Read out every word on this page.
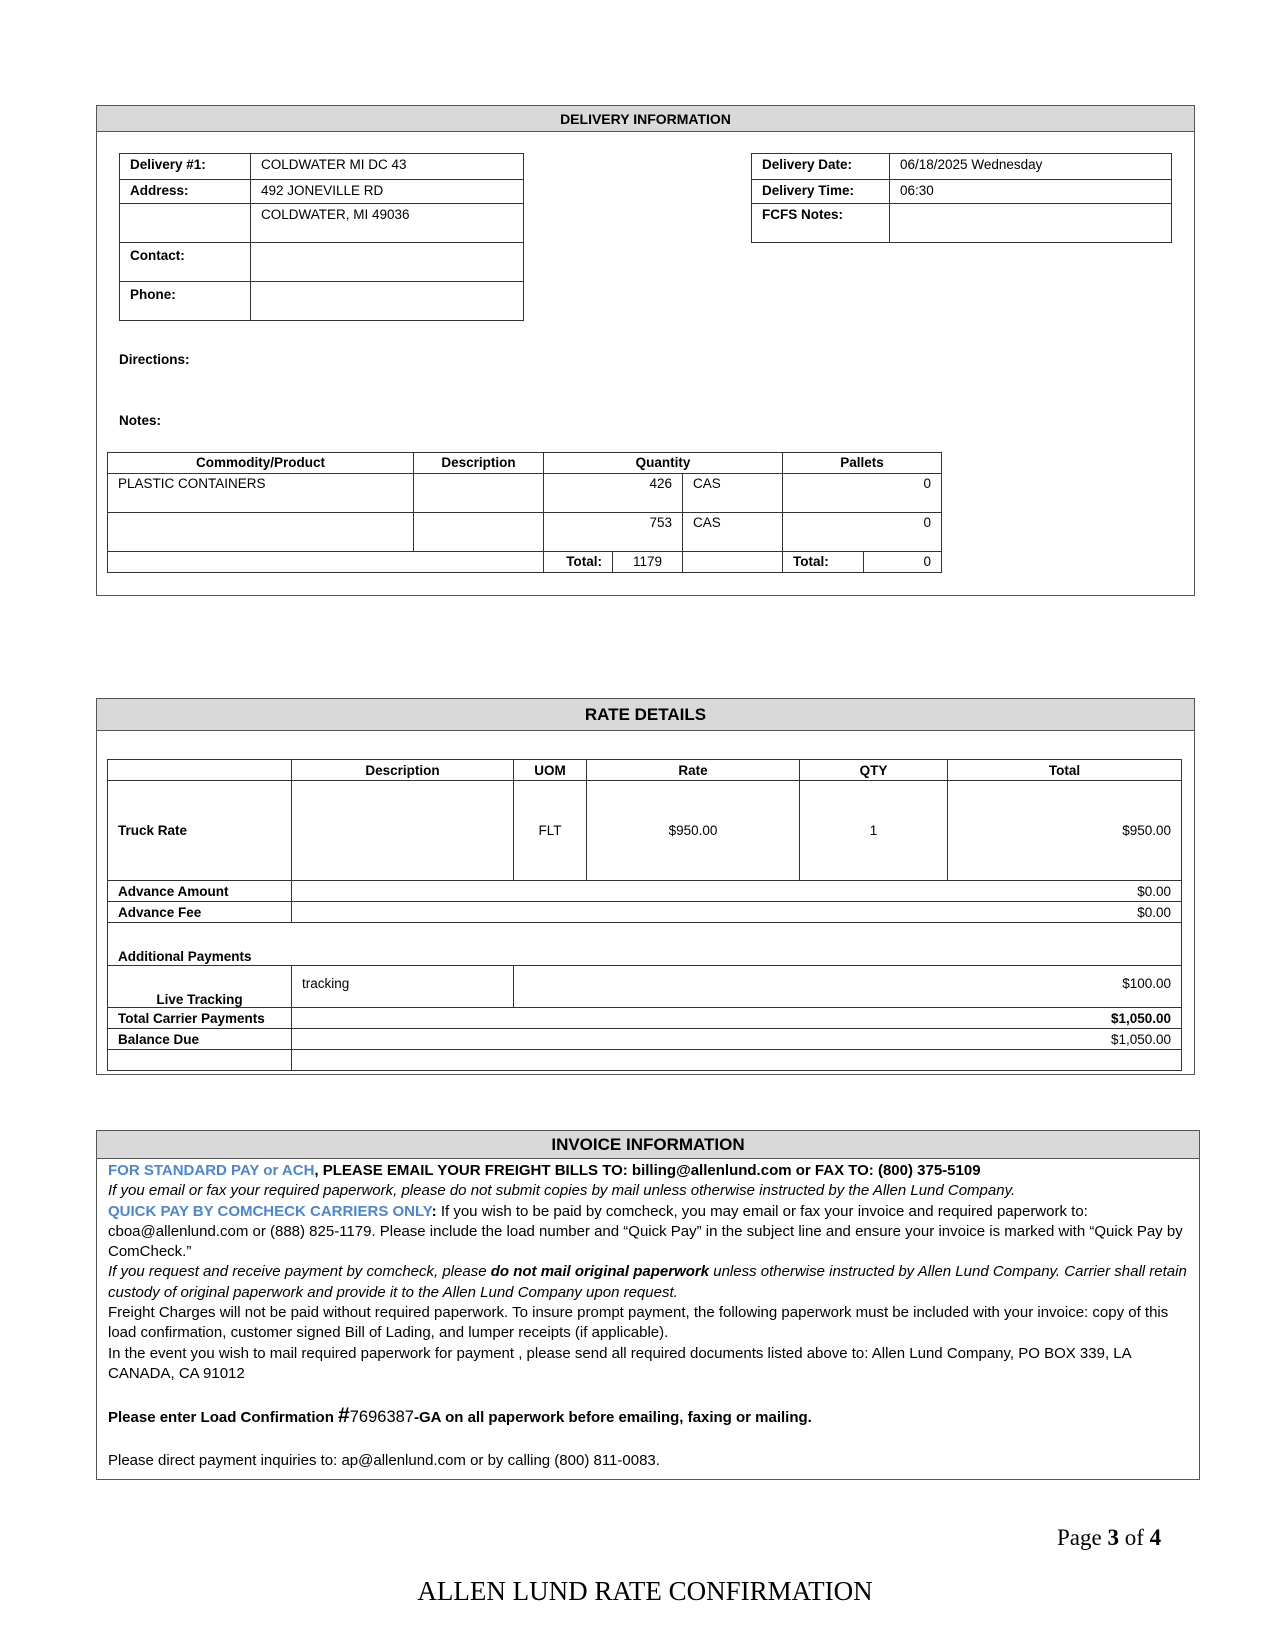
DELIVERY INFORMATION
Delivery #1:	COLDWATER MI DC 43
Address:	492 JONEVILLE RD
	COLDWATER, MI 49036
Contact:	
Phone:	
Delivery Date:	06/18/2025 Wednesday
Delivery Time:	06:30
FCFS Notes:	
Directions:
Notes:
Commodity/Product	Description	Quantity			Pallets	
PLASTIC CONTAINERS		426		CAS	0	
		753		CAS	0	
		Total:	1179		Total:	0
RATE DETAILS
	Description	UOM	Rate	QTY	Total
Truck Rate		FLT	$950.00	1	$950.00
Advance Amount	$0.00				
Advance Fee	$0.00				
Additional Payments					
Live Tracking	tracking	$100.00			
Total Carrier Payments	$1,050.00				
Balance Due	$1,050.00				

INVOICE INFORMATION

FOR STANDARD PAY or ACH, PLEASE EMAIL YOUR FREIGHT BILLS TO: billing@allenlund.com or FAX TO: (800) 375-5109

If you email or fax your required paperwork, please do not submit copies by mail unless otherwise instructed by the Allen Lund Company.

QUICK PAY BY COMCHECK CARRIERS ONLY: If you wish to be paid by comcheck, you may email or fax your invoice and required paperwork to: cboa@allenlund.com or (888) 825-1179. Please include the load number and “Quick Pay” in the subject line and ensure your invoice is marked with “Quick Pay by ComCheck.”

If you request and receive payment by comcheck, please do not mail original paperwork unless otherwise instructed by Allen Lund Company. Carrier shall retain custody of original paperwork and provide it to the Allen Lund Company upon request.

Freight Charges will not be paid without required paperwork. To insure prompt payment, the following paperwork must be included with your invoice: copy of this load confirmation, customer signed Bill of Lading, and lumper receipts (if applicable).

In the event you wish to mail required paperwork for payment , please send all required documents listed above to: Allen Lund Company, PO BOX 339, LA CANADA, CA 91012

Please enter Load Confirmation #7696387-GA on all paperwork before emailing, faxing or mailing.

Please direct payment inquiries to: ap@allenlund.com or by calling (800) 811-0083.

Page 3 of 4
ALLEN LUND RATE CONFIRMATION
